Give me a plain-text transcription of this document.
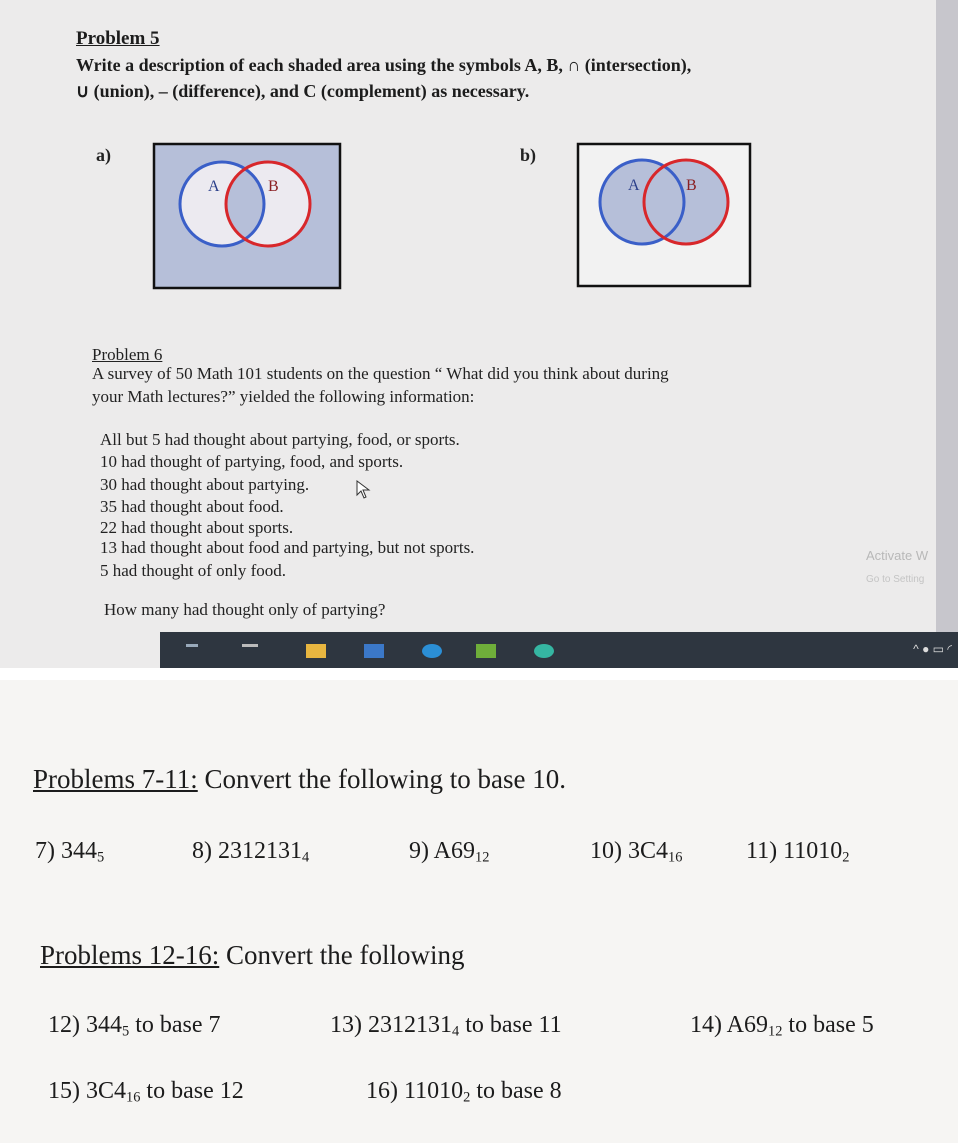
Problem 5
Write a description of each shaded area using the symbols A, B, ∩ (intersection),
∪ (union), – (difference), and C (complement) as necessary.
a)	b)
A	B	A	B
Problem 6
A survey of 50 Math 101 students on the question “ What did you think about during
your Math lectures?” yielded the following information:
All but 5 had thought about partying, food, or sports.
10 had thought of partying, food, and sports.
30 had thought about partying.
35 had thought about food.
22 had thought about sports.
13 had thought about food and partying, but not sports.
5 had thought of only food.
How many had thought only of partying?
Activate W
Go to Setting
^ ● ▭ ◜
Problems 7-11: Convert the following to base 10.
7) $344_5$	8) $2312131_4$	9) $A69_{12}$	10) $3C4_{16}$	11) $11010_2$
Problems 12-16: Convert the following
12) $344_5$ to base 7	13) $2312131_4$ to base 11	14) $A69_{12}$ to base 5
15) $3C4_{16}$ to base 12	16) $11010_2$ to base 8
